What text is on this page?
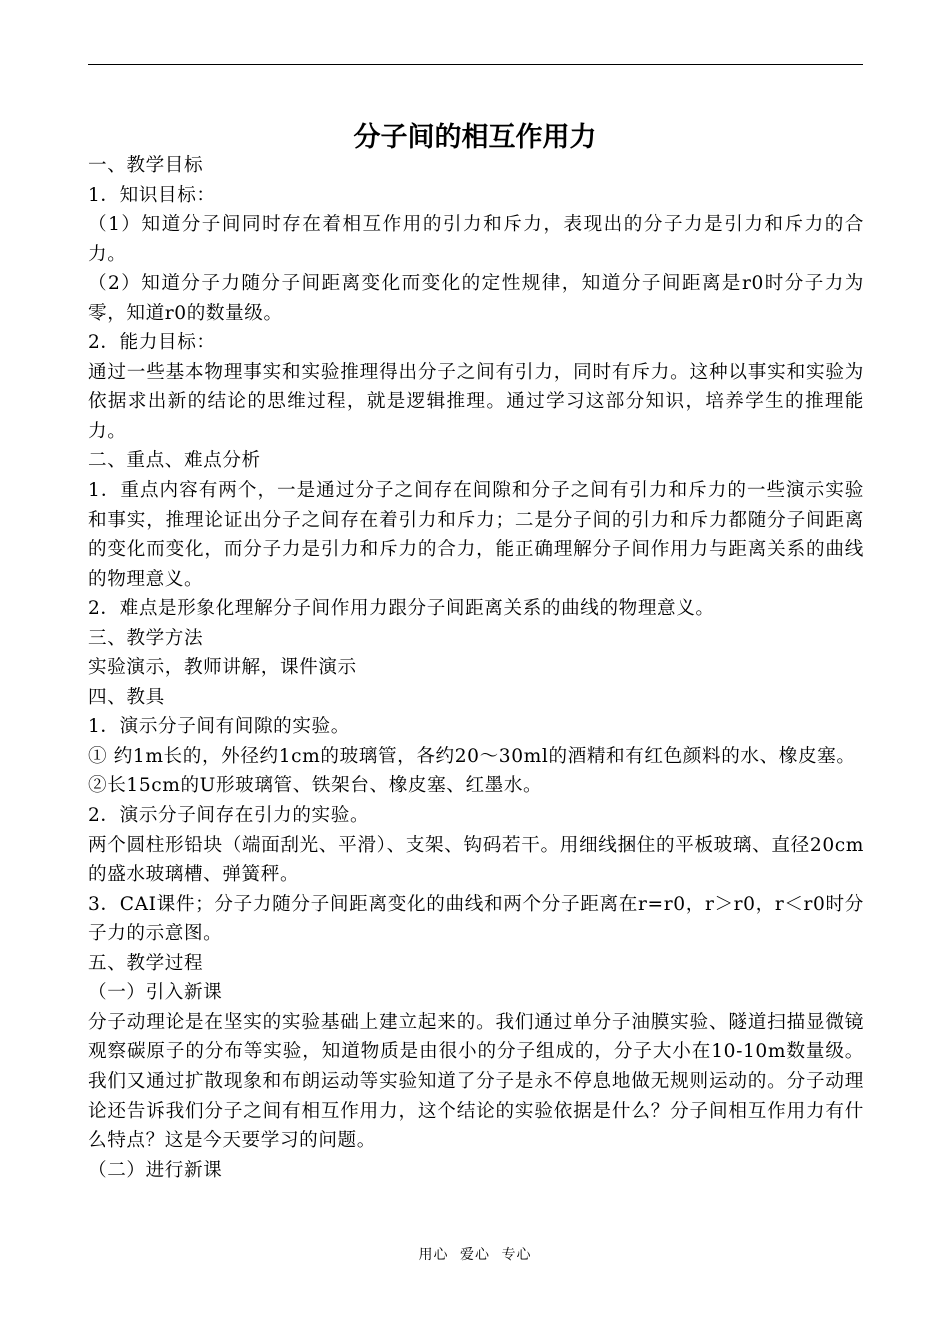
分子间的相互作用力

一、教学目标

1．知识目标：

（1）知道分子间同时存在着相互作用的引力和斥力，表现出的分子力是引力和斥力的合力。

（2）知道分子力随分子间距离变化而变化的定性规律，知道分子间距离是r0时分子力为零，知道r0的数量级。

2．能力目标：

通过一些基本物理事实和实验推理得出分子之间有引力，同时有斥力。这种以事实和实验为依据求出新的结论的思维过程，就是逻辑推理。通过学习这部分知识，培养学生的推理能力。

二、重点、难点分析

1．重点内容有两个，一是通过分子之间存在间隙和分子之间有引力和斥力的一些演示实验和事实，推理论证出分子之间存在着引力和斥力；二是分子间的引力和斥力都随分子间距离的变化而变化，而分子力是引力和斥力的合力，能正确理解分子间作用力与距离关系的曲线的物理意义。

2．难点是形象化理解分子间作用力跟分子间距离关系的曲线的物理意义。

三、教学方法

实验演示，教师讲解，课件演示

四、教具

1．演示分子间有间隙的实验。

① 约1m长的，外径约1cm的玻璃管，各约20～30ml的酒精和有红色颜料的水、橡皮塞。

②长15cm的U形玻璃管、铁架台、橡皮塞、红墨水。

2．演示分子间存在引力的实验。

两个圆柱形铅块（端面刮光、平滑）、支架、钩码若干。用细线捆住的平板玻璃、直径20cm的盛水玻璃槽、弹簧秤。

3．CAI课件；分子力随分子间距离变化的曲线和两个分子距离在r=r0，r＞r0，r＜r0时分子力的示意图。

五、教学过程

（一）引入新课

分子动理论是在坚实的实验基础上建立起来的。我们通过单分子油膜实验、隧道扫描显微镜观察碳原子的分布等实验，知道物质是由很小的分子组成的，分子大小在10-10m数量级。我们又通过扩散现象和布朗运动等实验知道了分子是永不停息地做无规则运动的。分子动理论还告诉我们分子之间有相互作用力，这个结论的实验依据是什么？分子间相互作用力有什么特点？这是今天要学习的问题。

（二）进行新课

用心 爱心 专心
